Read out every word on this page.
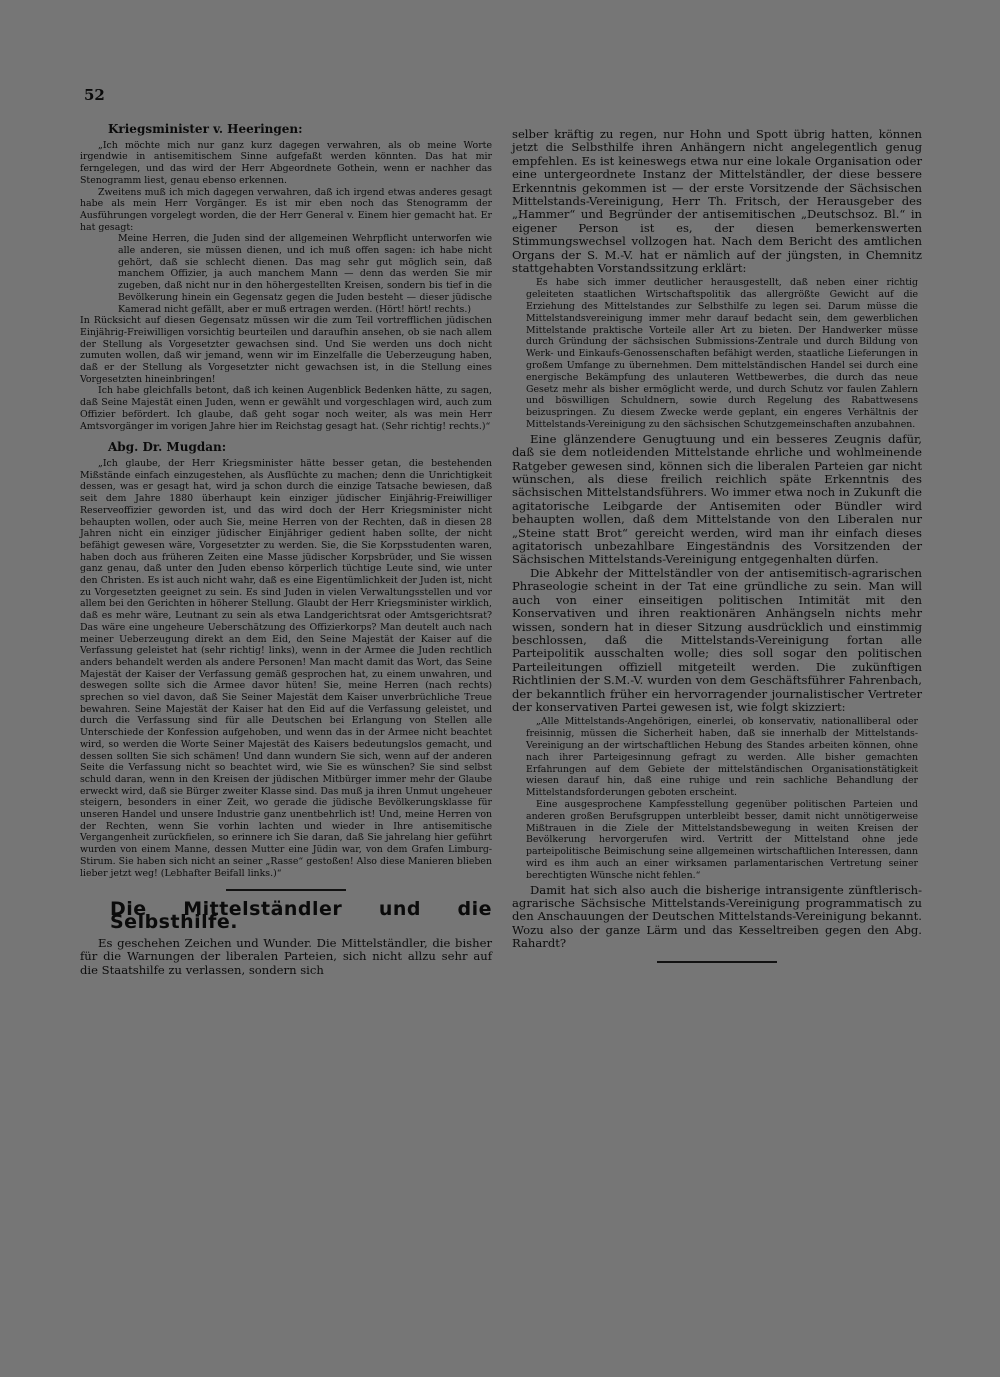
52

Kriegsminister v. Heeringen:

„Ich möchte mich nur ganz kurz dagegen verwahren, als ob meine Worte irgendwie in antisemitischem Sinne aufgefaßt werden könnten. Das hat mir ferngelegen, und das wird der Herr Abgeordnete Gothein, wenn er nachher das Stenogramm liest, genau ebenso erkennen.

Zweitens muß ich mich dagegen verwahren, daß ich irgend etwas anderes gesagt habe als mein Herr Vorgänger. Es ist mir eben noch das Stenogramm der Ausführungen vorgelegt worden, die der Herr General v. Einem hier gemacht hat. Er hat gesagt:

Meine Herren, die Juden sind der allgemeinen Wehrpflicht unterworfen wie alle anderen, sie müssen dienen, und ich muß offen sagen: ich habe nicht gehört, daß sie schlecht dienen. Das mag sehr gut möglich sein, daß manchem Offizier, ja auch manchem Mann — denn das werden Sie mir zugeben, daß nicht nur in den höhergestellten Kreisen, sondern bis tief in die Bevölkerung hinein ein Gegensatz gegen die Juden besteht — dieser jüdische Kamerad nicht gefällt, aber er muß ertragen werden. (Hört! hört! rechts.)

In Rücksicht auf diesen Gegensatz müssen wir die zum Teil vortrefflichen jüdischen Einjährig-Freiwilligen vorsichtig beurteilen und daraufhin ansehen, ob sie nach allem der Stellung als Vorgesetzter gewachsen sind. Und Sie werden uns doch nicht zumuten wollen, daß wir jemand, wenn wir im Einzelfalle die Ueberzeugung haben, daß er der Stellung als Vorgesetzter nicht gewachsen ist, in die Stellung eines Vorgesetzten hineinbringen!

Ich habe gleichfalls betont, daß ich keinen Augenblick Bedenken hätte, zu sagen, daß Seine Majestät einen Juden, wenn er gewählt und vorgeschlagen wird, auch zum Offizier befördert. Ich glaube, daß geht sogar noch weiter, als was mein Herr Amtsvorgänger im vorigen Jahre hier im Reichstag gesagt hat. (Sehr richtig! rechts.)“

Abg. Dr. Mugdan:

„Ich glaube, der Herr Kriegsminister hätte besser getan, die bestehenden Mißstände einfach einzugestehen, als Ausflüchte zu machen; denn die Unrichtigkeit dessen, was er gesagt hat, wird ja schon durch die einzige Tatsache bewiesen, daß seit dem Jahre 1880 überhaupt kein einziger jüdischer Einjährig-Freiwilliger Reserveoffizier geworden ist, und das wird doch der Herr Kriegsminister nicht behaupten wollen, oder auch Sie, meine Herren von der Rechten, daß in diesen 28 Jahren nicht ein einziger jüdischer Einjähriger gedient haben sollte, der nicht befähigt gewesen wäre, Vorgesetzter zu werden. Sie, die Sie Korpsstudenten waren, haben doch aus früheren Zeiten eine Masse jüdischer Korpsbrüder, und Sie wissen ganz genau, daß unter den Juden ebenso körperlich tüchtige Leute sind, wie unter den Christen. Es ist auch nicht wahr, daß es eine Eigentümlichkeit der Juden ist, nicht zu Vorgesetzten geeignet zu sein. Es sind Juden in vielen Verwaltungsstellen und vor allem bei den Gerichten in höherer Stellung. Glaubt der Herr Kriegsminister wirklich, daß es mehr wäre, Leutnant zu sein als etwa Landgerichtsrat oder Amtsgerichtsrat? Das wäre eine ungeheure Ueberschätzung des Offizierkorps? Man deutelt auch nach meiner Ueberzeugung direkt an dem Eid, den Seine Majestät der Kaiser auf die Verfassung geleistet hat (sehr richtig! links), wenn in der Armee die Juden rechtlich anders behandelt werden als andere Personen! Man macht damit das Wort, das Seine Majestät der Kaiser der Verfassung gemäß gesprochen hat, zu einem unwahren, und deswegen sollte sich die Armee davor hüten! Sie, meine Herren (nach rechts) sprechen so viel davon, daß Sie Seiner Majestät dem Kaiser unverbrüchliche Treue bewahren. Seine Majestät der Kaiser hat den Eid auf die Verfassung geleistet, und durch die Verfassung sind für alle Deutschen bei Erlangung von Stellen alle Unterschiede der Konfession aufgehoben, und wenn das in der Armee nicht beachtet wird, so werden die Worte Seiner Majestät des Kaisers bedeutungslos gemacht, und dessen sollten Sie sich schämen! Und dann wundern Sie sich, wenn auf der anderen Seite die Verfassung nicht so beachtet wird, wie Sie es wünschen? Sie sind selbst schuld daran, wenn in den Kreisen der jüdischen Mitbürger immer mehr der Glaube erweckt wird, daß sie Bürger zweiter Klasse sind. Das muß ja ihren Unmut ungeheuer steigern, besonders in einer Zeit, wo gerade die jüdische Bevölkerungsklasse für unseren Handel und unsere Industrie ganz unentbehrlich ist! Und, meine Herren von der Rechten, wenn Sie vorhin lachten und wieder in Ihre antisemitische Vergangenheit zurückfielen, so erinnere ich Sie daran, daß Sie jahrelang hier geführt wurden von einem Manne, dessen Mutter eine Jüdin war, von dem Grafen Limburg-Stirum. Sie haben sich nicht an seiner „Rasse“ gestoßen! Also diese Manieren blieben lieber jetzt weg! (Lebhafter Beifall links.)“

Die Mittelständler und die Selbsthilfe.

Es geschehen Zeichen und Wunder. Die Mittelständler, die bisher für die Warnungen der liberalen Parteien, sich nicht allzu sehr auf die Staatshilfe zu verlassen, sondern sich

selber kräftig zu regen, nur Hohn und Spott übrig hatten, können jetzt die Selbsthilfe ihren Anhängern nicht angelegentlich genug empfehlen. Es ist keineswegs etwa nur eine lokale Organisation oder eine untergeordnete Instanz der Mittelständler, der diese bessere Erkenntnis gekommen ist — der erste Vorsitzende der Sächsischen Mittelstands-Vereinigung, Herr Th. Fritsch, der Herausgeber des „Hammer“ und Begründer der antisemitischen „Deutschsoz. Bl.“ in eigener Person ist es, der diesen bemerkenswerten Stimmungswechsel vollzogen hat. Nach dem Bericht des amtlichen Organs der S. M.-V. hat er nämlich auf der jüngsten, in Chemnitz stattgehabten Vorstandssitzung erklärt:

Es habe sich immer deutlicher herausgestellt, daß neben einer richtig geleiteten staatlichen Wirtschaftspolitik das allergrößte Gewicht auf die Erziehung des Mittelstandes zur Selbsthilfe zu legen sei. Darum müsse die Mittelstandsvereinigung immer mehr darauf bedacht sein, dem gewerblichen Mittelstande praktische Vorteile aller Art zu bieten. Der Handwerker müsse durch Gründung der sächsischen Submissions-Zentrale und durch Bildung von Werk- und Einkaufs-Genossenschaften befähigt werden, staatliche Lieferungen in großem Umfange zu übernehmen. Dem mittelständischen Handel sei durch eine energische Bekämpfung des unlauteren Wettbewerbes, die durch das neue Gesetz mehr als bisher ermöglicht werde, und durch Schutz vor faulen Zahlern und böswilligen Schuldnern, sowie durch Regelung des Rabattwesens beizuspringen. Zu diesem Zwecke werde geplant, ein engeres Verhältnis der Mittelstands-Vereinigung zu den sächsischen Schutzgemeinschaften anzubahnen.

Eine glänzendere Genugtuung und ein besseres Zeugnis dafür, daß sie dem notleidenden Mittelstande ehrliche und wohlmeinende Ratgeber gewesen sind, können sich die liberalen Parteien gar nicht wünschen, als diese freilich reichlich späte Erkenntnis des sächsischen Mittelstandsführers. Wo immer etwa noch in Zukunft die agitatorische Leibgarde der Antisemiten oder Bündler wird behaupten wollen, daß dem Mittelstande von den Liberalen nur „Steine statt Brot“ gereicht werden, wird man ihr einfach dieses agitatorisch unbezahlbare Eingeständnis des Vorsitzenden der Sächsischen Mittelstands-Vereinigung entgegenhalten dürfen.

Die Abkehr der Mittelständler von der antisemitisch-agrarischen Phraseologie scheint in der Tat eine gründliche zu sein. Man will auch von einer einseitigen politischen Intimität mit den Konservativen und ihren reaktionären Anhängseln nichts mehr wissen, sondern hat in dieser Sitzung ausdrücklich und einstimmig beschlossen, daß die Mittelstands-Vereinigung fortan alle Parteipolitik ausschalten wolle; dies soll sogar den politischen Parteileitungen offiziell mitgeteilt werden. Die zukünftigen Richtlinien der S.M.-V. wurden von dem Geschäftsführer Fahrenbach, der bekanntlich früher ein hervorragender journalistischer Vertreter der konservativen Partei gewesen ist, wie folgt skizziert:

„Alle Mittelstands-Angehörigen, einerlei, ob konservativ, nationalliberal oder freisinnig, müssen die Sicherheit haben, daß sie innerhalb der Mittelstands-Vereinigung an der wirtschaftlichen Hebung des Standes arbeiten können, ohne nach ihrer Parteigesinnung gefragt zu werden. Alle bisher gemachten Erfahrungen auf dem Gebiete der mittelständischen Organisationstätigkeit wiesen darauf hin, daß eine ruhige und rein sachliche Behandlung der Mittelstandsforderungen geboten erscheint.

Eine ausgesprochene Kampfesstellung gegenüber politischen Parteien und anderen großen Berufsgruppen unterbleibt besser, damit nicht unnötigerweise Mißtrauen in die Ziele der Mittelstandsbewegung in weiten Kreisen der Bevölkerung hervorgerufen wird. Vertritt der Mittelstand ohne jede parteipolitische Beimischung seine allgemeinen wirtschaftlichen Interessen, dann wird es ihm auch an einer wirksamen parlamentarischen Vertretung seiner berechtigten Wünsche nicht fehlen.“

Damit hat sich also auch die bisherige intransigente zünftlerisch-agrarische Sächsische Mittelstands-Vereinigung programmatisch zu den Anschauungen der Deutschen Mittelstands-Vereinigung bekannt. Wozu also der ganze Lärm und das Kesseltreiben gegen den Abg. Rahardt?
